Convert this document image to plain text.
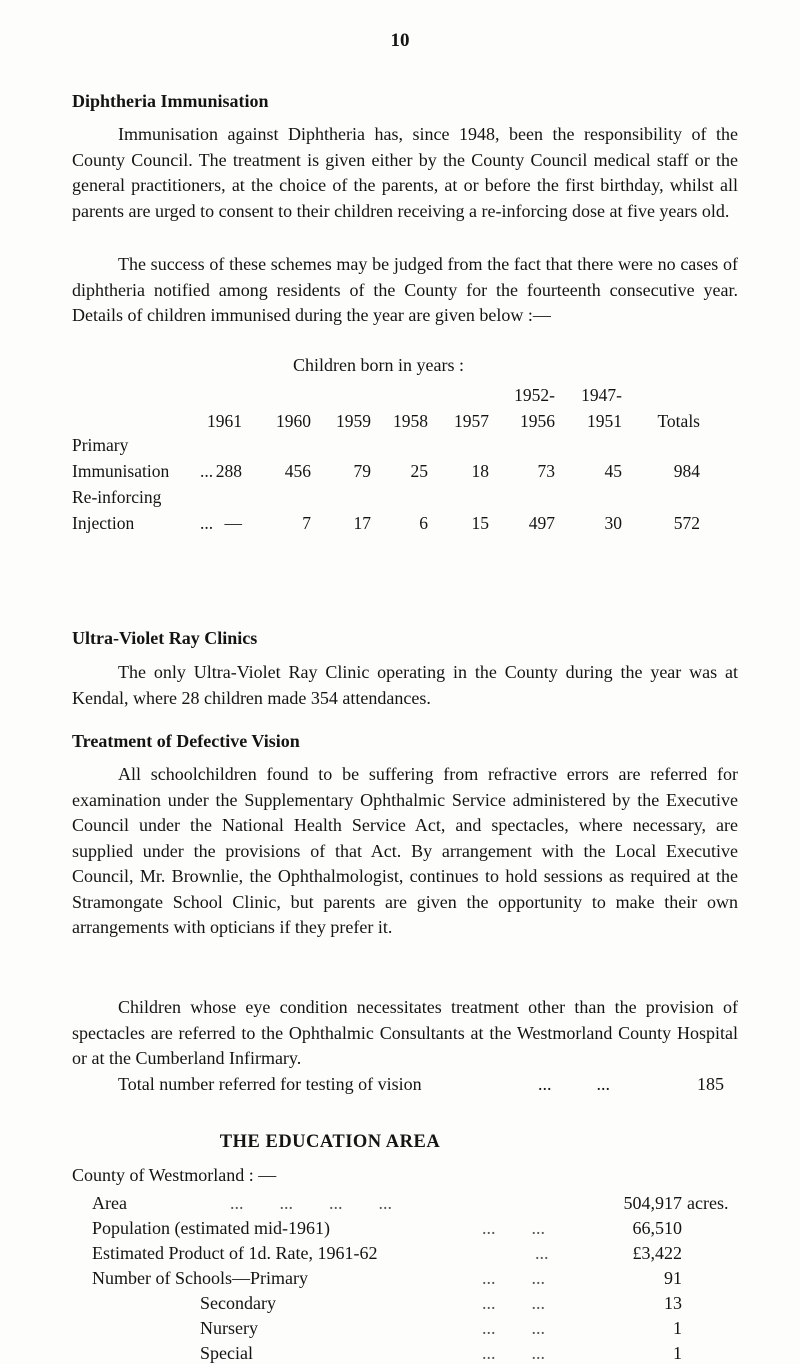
10
Diphtheria Immunisation

Immunisation against Diphtheria has, since 1948, been the responsibility of the County Council. The treatment is given either by the County Council medical staff or the general practitioners, at the choice of the parents, at or before the first birthday, whilst all parents are urged to consent to their children receiving a re-inforcing dose at five years old.

The success of these schemes may be judged from the fact that there were no cases of diphtheria notified among residents of the County for the fourteenth consecutive year. Details of children immunised during the year are given below :—

Children born in years :
1952-	1947-
1961	1960	1959	1958	1957	1956	1951	Totals
Primary
Immunisation ... 288	456	79	25	18	73	45	984
Re-inforcing
Injection	... —	7	17	6	15	497	30	572
Ultra-Violet Ray Clinics

The only Ultra-Violet Ray Clinic operating in the County during the year was at Kendal, where 28 children made 354 attendances.

Treatment of Defective Vision

All schoolchildren found to be suffering from refractive errors are referred for examination under the Supplementary Ophthalmic Service administered by the Executive Council under the National Health Service Act, and spectacles, where necessary, are supplied under the provisions of that Act. By arrangement with the Local Executive Council, Mr. Brownlie, the Ophthalmologist, continues to hold sessions as required at the Stramongate School Clinic, but parents are given the opportunity to make their own arrangements with opticians if they prefer it.

Children whose eye condition necessitates treatment other than the provision of spectacles are referred to the Ophthalmic Consultants at the Westmorland County Hospital or at the Cumberland Infirmary.

Total number referred for testing of vision	...          ...	185
THE EDUCATION AREA
County of Westmorland : —
Area	...        ...        ...        ...	504,917 acres.
Population (estimated mid-1961)	...        ...	66,510
Estimated Product of 1d. Rate, 1961-62	...	£3,422
Number of Schools—Primary	...        ...	91
Secondary	...        ...	13
Nursery	...        ...	1
Special	...        ...	1
